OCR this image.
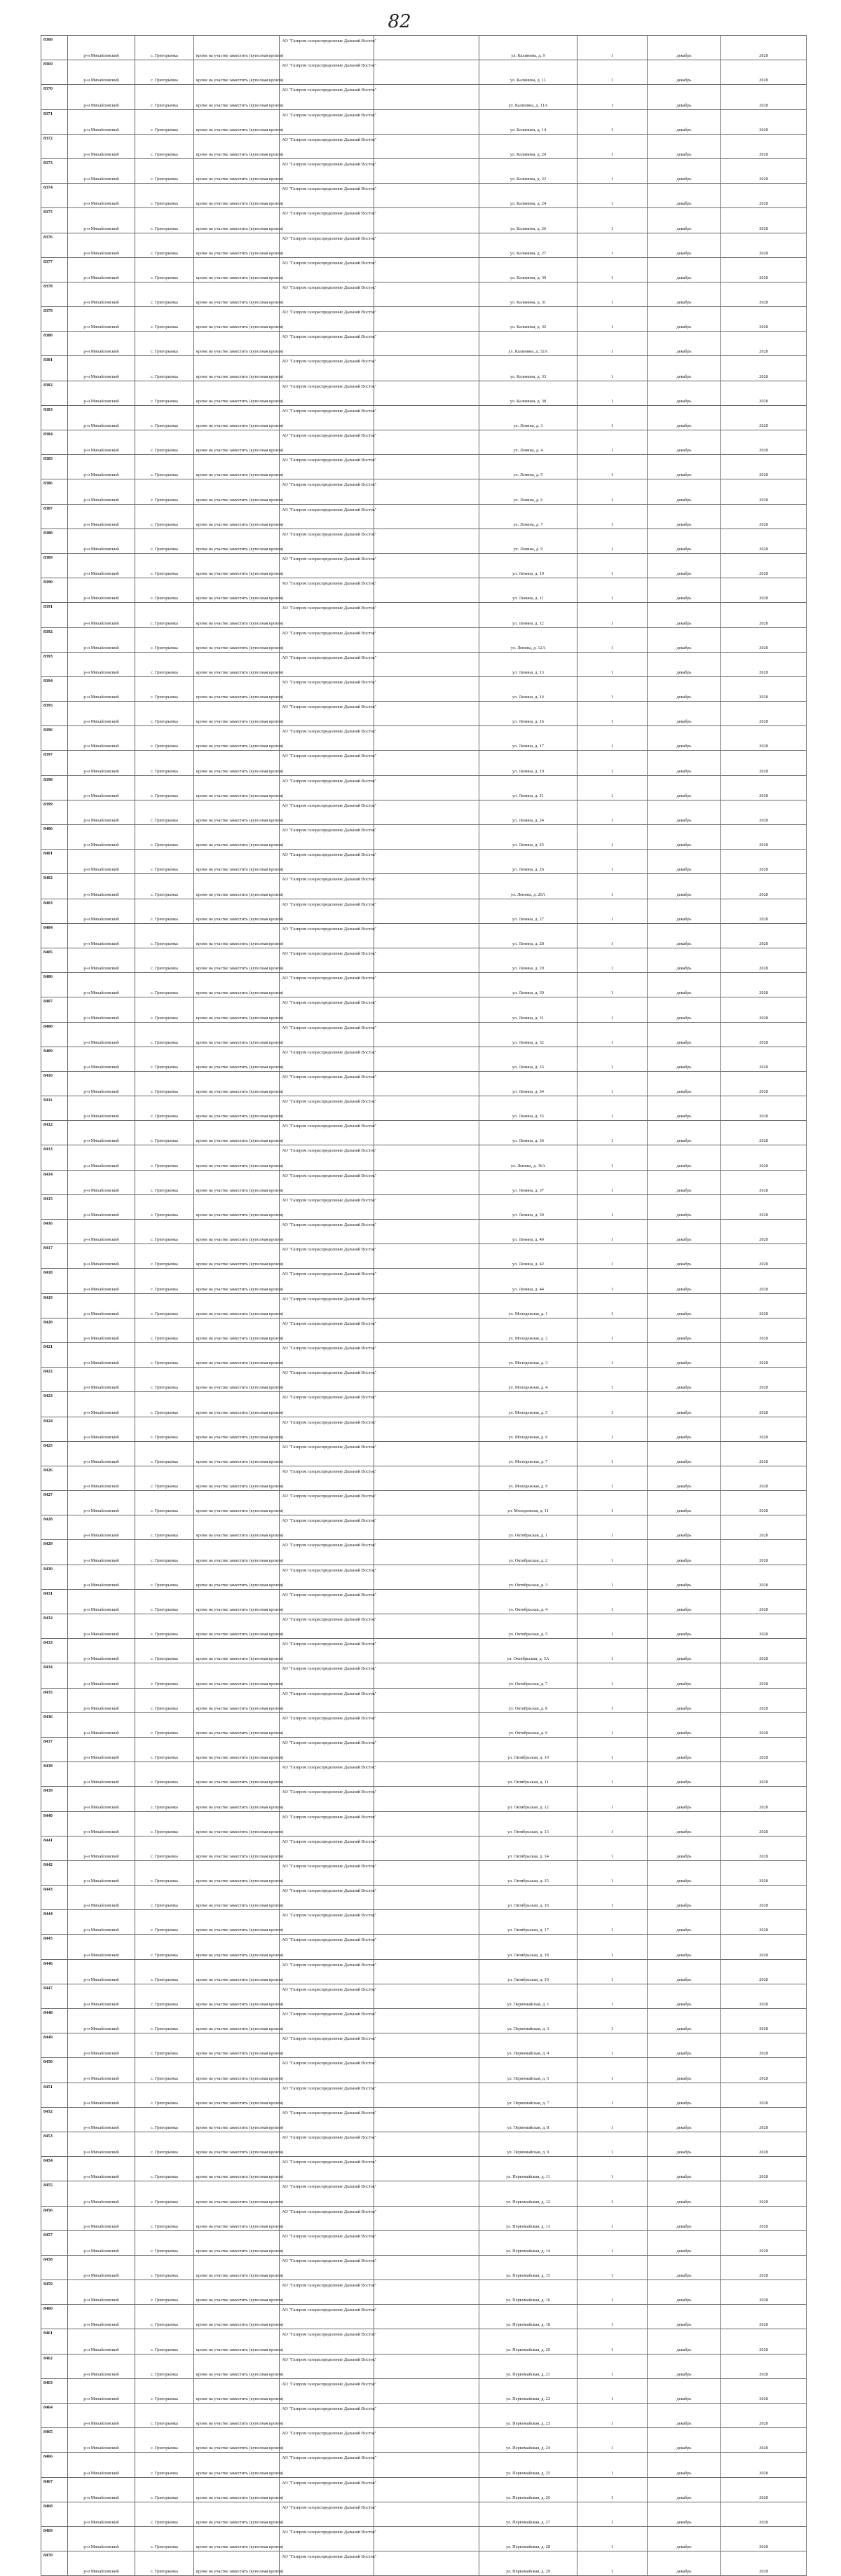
82
8368	р-н Михайловский	с. Григорьевка	кроме на участке заместить (куполная кровля)	АО "Газпром газораспределение Дальний Восток"		ул. Калинина, д. 9	1	декабрь	2028
8369	р-н Михайловский	с. Григорьевка	кроме на участке заместить (куполная кровля)	АО "Газпром газораспределение Дальний Восток"		ул. Калинина, д. 11	1	декабрь	2028
8370	р-н Михайловский	с. Григорьевка	кроме на участке заместить (куполная кровля)	АО "Газпром газораспределение Дальний Восток"		ул. Калинина, д. 11А	1	декабрь	2028
8371	р-н Михайловский	с. Григорьевка	кроме на участке заместить (куполная кровля)	АО "Газпром газораспределение Дальний Восток"		ул. Калинина, д. 14	1	декабрь	2028
8372	р-н Михайловский	с. Григорьевка	кроме на участке заместить (куполная кровля)	АО "Газпром газораспределение Дальний Восток"		ул. Калинина, д. 20	1	декабрь	2028
8373	р-н Михайловский	с. Григорьевка	кроме на участке заместить (куполная кровля)	АО "Газпром газораспределение Дальний Восток"		ул. Калинина, д. 22	1	декабрь	2028
8374	р-н Михайловский	с. Григорьевка	кроме на участке заместить (куполная кровля)	АО "Газпром газораспределение Дальний Восток"		ул. Калинина, д. 24	1	декабрь	2028
8375	р-н Михайловский	с. Григорьевка	кроме на участке заместить (куполная кровля)	АО "Газпром газораспределение Дальний Восток"		ул. Калинина, д. 26	1	декабрь	2028
8376	р-н Михайловский	с. Григорьевка	кроме на участке заместить (куполная кровля)	АО "Газпром газораспределение Дальний Восток"		ул. Калинина, д. 27	1	декабрь	2028
8377	р-н Михайловский	с. Григорьевка	кроме на участке заместить (куполная кровля)	АО "Газпром газораспределение Дальний Восток"		ул. Калинина, д. 30	1	декабрь	2028
8378	р-н Михайловский	с. Григорьевка	кроме на участке заместить (куполная кровля)	АО "Газпром газораспределение Дальний Восток"		ул. Калинина, д. 31	1	декабрь	2028
8379	р-н Михайловский	с. Григорьевка	кроме на участке заместить (куполная кровля)	АО "Газпром газораспределение Дальний Восток"		ул. Калинина, д. 32	1	декабрь	2028
8380	р-н Михайловский	с. Григорьевка	кроме на участке заместить (куполная кровля)	АО "Газпром газораспределение Дальний Восток"		ул. Калинина, д. 32А	1	декабрь	2028
8381	р-н Михайловский	с. Григорьевка	кроме на участке заместить (куполная кровля)	АО "Газпром газораспределение Дальний Восток"		ул. Калинина, д. 33	1	декабрь	2028
8382	р-н Михайловский	с. Григорьевка	кроме на участке заместить (куполная кровля)	АО "Газпром газораспределение Дальний Восток"		ул. Калинина, д. 38	1	декабрь	2028
8383	р-н Михайловский	с. Григорьевка	кроме на участке заместить (куполная кровля)	АО "Газпром газораспределение Дальний Восток"		ул. Ленина, д. 3	1	декабрь	2028
8384	р-н Михайловский	с. Григорьевка	кроме на участке заместить (куполная кровля)	АО "Газпром газораспределение Дальний Восток"		ул. Ленина, д. 4	1	декабрь	2028
8385	р-н Михайловский	с. Григорьевка	кроме на участке заместить (куполная кровля)	АО "Газпром газораспределение Дальний Восток"		ул. Ленина, д. 5	1	декабрь	2028
8386	р-н Михайловский	с. Григорьевка	кроме на участке заместить (куполная кровля)	АО "Газпром газораспределение Дальний Восток"		ул. Ленина, д. 6	1	декабрь	2028
8387	р-н Михайловский	с. Григорьевка	кроме на участке заместить (куполная кровля)	АО "Газпром газораспределение Дальний Восток"		ул. Ленина, д. 7	1	декабрь	2028
8388	р-н Михайловский	с. Григорьевка	кроме на участке заместить (куполная кровля)	АО "Газпром газораспределение Дальний Восток"		ул. Ленина, д. 9	1	декабрь	2028
8389	р-н Михайловский	с. Григорьевка	кроме на участке заместить (куполная кровля)	АО "Газпром газораспределение Дальний Восток"		ул. Ленина, д. 10	1	декабрь	2028
8390	р-н Михайловский	с. Григорьевка	кроме на участке заместить (куполная кровля)	АО "Газпром газораспределение Дальний Восток"		ул. Ленина, д. 11	1	декабрь	2028
8391	р-н Михайловский	с. Григорьевка	кроме на участке заместить (куполная кровля)	АО "Газпром газораспределение Дальний Восток"		ул. Ленина, д. 12	1	декабрь	2028
8392	р-н Михайловский	с. Григорьевка	кроме на участке заместить (куполная кровля)	АО "Газпром газораспределение Дальний Восток"		ул. Ленина, д. 12А	1	декабрь	2028
8393	р-н Михайловский	с. Григорьевка	кроме на участке заместить (куполная кровля)	АО "Газпром газораспределение Дальний Восток"		ул. Ленина, д. 13	1	декабрь	2028
8394	р-н Михайловский	с. Григорьевка	кроме на участке заместить (куполная кровля)	АО "Газпром газораспределение Дальний Восток"		ул. Ленина, д. 14	1	декабрь	2028
8395	р-н Михайловский	с. Григорьевка	кроме на участке заместить (куполная кровля)	АО "Газпром газораспределение Дальний Восток"		ул. Ленина, д. 16	1	декабрь	2028
8396	р-н Михайловский	с. Григорьевка	кроме на участке заместить (куполная кровля)	АО "Газпром газораспределение Дальний Восток"		ул. Ленина, д. 17	1	декабрь	2028
8397	р-н Михайловский	с. Григорьевка	кроме на участке заместить (куполная кровля)	АО "Газпром газораспределение Дальний Восток"		ул. Ленина, д. 19	1	декабрь	2028
8398	р-н Михайловский	с. Григорьевка	кроме на участке заместить (куполная кровля)	АО "Газпром газораспределение Дальний Восток"		ул. Ленина, д. 21	1	декабрь	2028
8399	р-н Михайловский	с. Григорьевка	кроме на участке заместить (куполная кровля)	АО "Газпром газораспределение Дальний Восток"		ул. Ленина, д. 24	1	декабрь	2028
8400	р-н Михайловский	с. Григорьевка	кроме на участке заместить (куполная кровля)	АО "Газпром газораспределение Дальний Восток"		ул. Ленина, д. 25	1	декабрь	2028
8401	р-н Михайловский	с. Григорьевка	кроме на участке заместить (куполная кровля)	АО "Газпром газораспределение Дальний Восток"		ул. Ленина, д. 26	1	декабрь	2028
8402	р-н Михайловский	с. Григорьевка	кроме на участке заместить (куполная кровля)	АО "Газпром газораспределение Дальний Восток"		ул. Ленина, д. 26А	1	декабрь	2028
8403	р-н Михайловский	с. Григорьевка	кроме на участке заместить (куполная кровля)	АО "Газпром газораспределение Дальний Восток"		ул. Ленина, д. 27	1	декабрь	2028
8404	р-н Михайловский	с. Григорьевка	кроме на участке заместить (куполная кровля)	АО "Газпром газораспределение Дальний Восток"		ул. Ленина, д. 28	1	декабрь	2028
8405	р-н Михайловский	с. Григорьевка	кроме на участке заместить (куполная кровля)	АО "Газпром газораспределение Дальний Восток"		ул. Ленина, д. 29	1	декабрь	2028
8406	р-н Михайловский	с. Григорьевка	кроме на участке заместить (куполная кровля)	АО "Газпром газораспределение Дальний Восток"		ул. Ленина, д. 30	1	декабрь	2028
8407	р-н Михайловский	с. Григорьевка	кроме на участке заместить (куполная кровля)	АО "Газпром газораспределение Дальний Восток"		ул. Ленина, д. 31	1	декабрь	2028
8408	р-н Михайловский	с. Григорьевка	кроме на участке заместить (куполная кровля)	АО "Газпром газораспределение Дальний Восток"		ул. Ленина, д. 32	1	декабрь	2028
8409	р-н Михайловский	с. Григорьевка	кроме на участке заместить (куполная кровля)	АО "Газпром газораспределение Дальний Восток"		ул. Ленина, д. 33	1	декабрь	2028
8410	р-н Михайловский	с. Григорьевка	кроме на участке заместить (куполная кровля)	АО "Газпром газораспределение Дальний Восток"		ул. Ленина, д. 34	1	декабрь	2028
8411	р-н Михайловский	с. Григорьевка	кроме на участке заместить (куполная кровля)	АО "Газпром газораспределение Дальний Восток"		ул. Ленина, д. 35	1	декабрь	2028
8412	р-н Михайловский	с. Григорьевка	кроме на участке заместить (куполная кровля)	АО "Газпром газораспределение Дальний Восток"		ул. Ленина, д. 36	1	декабрь	2028
8413	р-н Михайловский	с. Григорьевка	кроме на участке заместить (куполная кровля)	АО "Газпром газораспределение Дальний Восток"		ул. Ленина, д. 36А	1	декабрь	2028
8414	р-н Михайловский	с. Григорьевка	кроме на участке заместить (куполная кровля)	АО "Газпром газораспределение Дальний Восток"		ул. Ленина, д. 37	1	декабрь	2028
8415	р-н Михайловский	с. Григорьевка	кроме на участке заместить (куполная кровля)	АО "Газпром газораспределение Дальний Восток"		ул. Ленина, д. 39	1	декабрь	2028
8416	р-н Михайловский	с. Григорьевка	кроме на участке заместить (куполная кровля)	АО "Газпром газораспределение Дальний Восток"		ул. Ленина, д. 40	1	декабрь	2028
8417	р-н Михайловский	с. Григорьевка	кроме на участке заместить (куполная кровля)	АО "Газпром газораспределение Дальний Восток"		ул. Ленина, д. 42	1	декабрь	2028
8418	р-н Михайловский	с. Григорьевка	кроме на участке заместить (куполная кровля)	АО "Газпром газораспределение Дальний Восток"		ул. Ленина, д. 44	1	декабрь	2028
8419	р-н Михайловский	с. Григорьевка	кроме на участке заместить (куполная кровля)	АО "Газпром газораспределение Дальний Восток"		ул. Молодежная, д. 1	1	декабрь	2028
8420	р-н Михайловский	с. Григорьевка	кроме на участке заместить (куполная кровля)	АО "Газпром газораспределение Дальний Восток"		ул. Молодежная, д. 2	1	декабрь	2028
8421	р-н Михайловский	с. Григорьевка	кроме на участке заместить (куполная кровля)	АО "Газпром газораспределение Дальний Восток"		ул. Молодежная, д. 3	1	декабрь	2028
8422	р-н Михайловский	с. Григорьевка	кроме на участке заместить (куполная кровля)	АО "Газпром газораспределение Дальний Восток"		ул. Молодежная, д. 4	1	декабрь	2028
8423	р-н Михайловский	с. Григорьевка	кроме на участке заместить (куполная кровля)	АО "Газпром газораспределение Дальний Восток"		ул. Молодежная, д. 5	1	декабрь	2028
8424	р-н Михайловский	с. Григорьевка	кроме на участке заместить (куполная кровля)	АО "Газпром газораспределение Дальний Восток"		ул. Молодежная, д. 6	1	декабрь	2028
8425	р-н Михайловский	с. Григорьевка	кроме на участке заместить (куполная кровля)	АО "Газпром газораспределение Дальний Восток"		ул. Молодежная, д. 7	1	декабрь	2028
8426	р-н Михайловский	с. Григорьевка	кроме на участке заместить (куполная кровля)	АО "Газпром газораспределение Дальний Восток"		ул. Молодежная, д. 9	1	декабрь	2028
8427	р-н Михайловский	с. Григорьевка	кроме на участке заместить (куполная кровля)	АО "Газпром газораспределение Дальний Восток"		ул. Молодежная, д. 11	1	декабрь	2028
8428	р-н Михайловский	с. Григорьевка	кроме на участке заместить (куполная кровля)	АО "Газпром газораспределение Дальний Восток"		ул. Октябрьская, д. 1	1	декабрь	2028
8429	р-н Михайловский	с. Григорьевка	кроме на участке заместить (куполная кровля)	АО "Газпром газораспределение Дальний Восток"		ул. Октябрьская, д. 2	1	декабрь	2028
8430	р-н Михайловский	с. Григорьевка	кроме на участке заместить (куполная кровля)	АО "Газпром газораспределение Дальний Восток"		ул. Октябрьская, д. 3	1	декабрь	2028
8431	р-н Михайловский	с. Григорьевка	кроме на участке заместить (куполная кровля)	АО "Газпром газораспределение Дальний Восток"		ул. Октябрьская, д. 4	1	декабрь	2028
8432	р-н Михайловский	с. Григорьевка	кроме на участке заместить (куполная кровля)	АО "Газпром газораспределение Дальний Восток"		ул. Октябрьская, д. 5	1	декабрь	2028
8433	р-н Михайловский	с. Григорьевка	кроме на участке заместить (куполная кровля)	АО "Газпром газораспределение Дальний Восток"		ул. Октябрьская, д. 5А	1	декабрь	2028
8434	р-н Михайловский	с. Григорьевка	кроме на участке заместить (куполная кровля)	АО "Газпром газораспределение Дальний Восток"		ул. Октябрьская, д. 7	1	декабрь	2028
8435	р-н Михайловский	с. Григорьевка	кроме на участке заместить (куполная кровля)	АО "Газпром газораспределение Дальний Восток"		ул. Октябрьская, д. 8	1	декабрь	2028
8436	р-н Михайловский	с. Григорьевка	кроме на участке заместить (куполная кровля)	АО "Газпром газораспределение Дальний Восток"		ул. Октябрьская, д. 9	1	декабрь	2028
8437	р-н Михайловский	с. Григорьевка	кроме на участке заместить (куполная кровля)	АО "Газпром газораспределение Дальний Восток"		ул. Октябрьская, д. 10	1	декабрь	2028
8438	р-н Михайловский	с. Григорьевка	кроме на участке заместить (куполная кровля)	АО "Газпром газораспределение Дальний Восток"		ул. Октябрьская, д. 11	1	декабрь	2028
8439	р-н Михайловский	с. Григорьевка	кроме на участке заместить (куполная кровля)	АО "Газпром газораспределение Дальний Восток"		ул. Октябрьская, д. 12	1	декабрь	2028
8440	р-н Михайловский	с. Григорьевка	кроме на участке заместить (куполная кровля)	АО "Газпром газораспределение Дальний Восток"		ул. Октябрьская, д. 13	1	декабрь	2028
8441	р-н Михайловский	с. Григорьевка	кроме на участке заместить (куполная кровля)	АО "Газпром газораспределение Дальний Восток"		ул. Октябрьская, д. 14	1	декабрь	2028
8442	р-н Михайловский	с. Григорьевка	кроме на участке заместить (куполная кровля)	АО "Газпром газораспределение Дальний Восток"		ул. Октябрьская, д. 15	1	декабрь	2028
8443	р-н Михайловский	с. Григорьевка	кроме на участке заместить (куполная кровля)	АО "Газпром газораспределение Дальний Восток"		ул. Октябрьская, д. 16	1	декабрь	2028
8444	р-н Михайловский	с. Григорьевка	кроме на участке заместить (куполная кровля)	АО "Газпром газораспределение Дальний Восток"		ул. Октябрьская, д. 17	1	декабрь	2028
8445	р-н Михайловский	с. Григорьевка	кроме на участке заместить (куполная кровля)	АО "Газпром газораспределение Дальний Восток"		ул. Октябрьская, д. 18	1	декабрь	2028
8446	р-н Михайловский	с. Григорьевка	кроме на участке заместить (куполная кровля)	АО "Газпром газораспределение Дальний Восток"		ул. Октябрьская, д. 19	1	декабрь	2028
8447	р-н Михайловский	с. Григорьевка	кроме на участке заместить (куполная кровля)	АО "Газпром газораспределение Дальний Восток"		ул. Первомайская, д. 1	1	декабрь	2028
8448	р-н Михайловский	с. Григорьевка	кроме на участке заместить (куполная кровля)	АО "Газпром газораспределение Дальний Восток"		ул. Первомайская, д. 3	1	декабрь	2028
8449	р-н Михайловский	с. Григорьевка	кроме на участке заместить (куполная кровля)	АО "Газпром газораспределение Дальний Восток"		ул. Первомайская, д. 4	1	декабрь	2028
8450	р-н Михайловский	с. Григорьевка	кроме на участке заместить (куполная кровля)	АО "Газпром газораспределение Дальний Восток"		ул. Первомайская, д. 5	1	декабрь	2028
8451	р-н Михайловский	с. Григорьевка	кроме на участке заместить (куполная кровля)	АО "Газпром газораспределение Дальний Восток"		ул. Первомайская, д. 7	1	декабрь	2028
8452	р-н Михайловский	с. Григорьевка	кроме на участке заместить (куполная кровля)	АО "Газпром газораспределение Дальний Восток"		ул. Первомайская, д. 8	1	декабрь	2028
8453	р-н Михайловский	с. Григорьевка	кроме на участке заместить (куполная кровля)	АО "Газпром газораспределение Дальний Восток"		ул. Первомайская, д. 9	1	декабрь	2028
8454	р-н Михайловский	с. Григорьевка	кроме на участке заместить (куполная кровля)	АО "Газпром газораспределение Дальний Восток"		ул. Первомайская, д. 11	1	декабрь	2028
8455	р-н Михайловский	с. Григорьевка	кроме на участке заместить (куполная кровля)	АО "Газпром газораспределение Дальний Восток"		ул. Первомайская, д. 12	1	декабрь	2028
8456	р-н Михайловский	с. Григорьевка	кроме на участке заместить (куполная кровля)	АО "Газпром газораспределение Дальний Восток"		ул. Первомайская, д. 13	1	декабрь	2028
8457	р-н Михайловский	с. Григорьевка	кроме на участке заместить (куполная кровля)	АО "Газпром газораспределение Дальний Восток"		ул. Первомайская, д. 14	1	декабрь	2028
8458	р-н Михайловский	с. Григорьевка	кроме на участке заместить (куполная кровля)	АО "Газпром газораспределение Дальний Восток"		ул. Первомайская, д. 15	1	декабрь	2028
8459	р-н Михайловский	с. Григорьевка	кроме на участке заместить (куполная кровля)	АО "Газпром газораспределение Дальний Восток"		ул. Первомайская, д. 16	1	декабрь	2028
8460	р-н Михайловский	с. Григорьевка	кроме на участке заместить (куполная кровля)	АО "Газпром газораспределение Дальний Восток"		ул. Первомайская, д. 18	1	декабрь	2028
8461	р-н Михайловский	с. Григорьевка	кроме на участке заместить (куполная кровля)	АО "Газпром газораспределение Дальний Восток"		ул. Первомайская, д. 20	1	декабрь	2028
8462	р-н Михайловский	с. Григорьевка	кроме на участке заместить (куполная кровля)	АО "Газпром газораспределение Дальний Восток"		ул. Первомайская, д. 21	1	декабрь	2028
8463	р-н Михайловский	с. Григорьевка	кроме на участке заместить (куполная кровля)	АО "Газпром газораспределение Дальний Восток"		ул. Первомайская, д. 22	1	декабрь	2028
8464	р-н Михайловский	с. Григорьевка	кроме на участке заместить (куполная кровля)	АО "Газпром газораспределение Дальний Восток"		ул. Первомайская, д. 23	1	декабрь	2028
8465	р-н Михайловский	с. Григорьевка	кроме на участке заместить (куполная кровля)	АО "Газпром газораспределение Дальний Восток"		ул. Первомайская, д. 24	1	декабрь	2028
8466	р-н Михайловский	с. Григорьевка	кроме на участке заместить (куполная кровля)	АО "Газпром газораспределение Дальний Восток"		ул. Первомайская, д. 25	1	декабрь	2028
8467	р-н Михайловский	с. Григорьевка	кроме на участке заместить (куполная кровля)	АО "Газпром газораспределение Дальний Восток"		ул. Первомайская, д. 26	1	декабрь	2028
8468	р-н Михайловский	с. Григорьевка	кроме на участке заместить (куполная кровля)	АО "Газпром газораспределение Дальний Восток"		ул. Первомайская, д. 27	1	декабрь	2028
8469	р-н Михайловский	с. Григорьевка	кроме на участке заместить (куполная кровля)	АО "Газпром газораспределение Дальний Восток"		ул. Первомайская, д. 28	1	декабрь	2028
8470	р-н Михайловский	с. Григорьевка	кроме на участке заместить (куполная кровля)	АО "Газпром газораспределение Дальний Восток"		ул. Первомайская, д. 29	1	декабрь	2028
